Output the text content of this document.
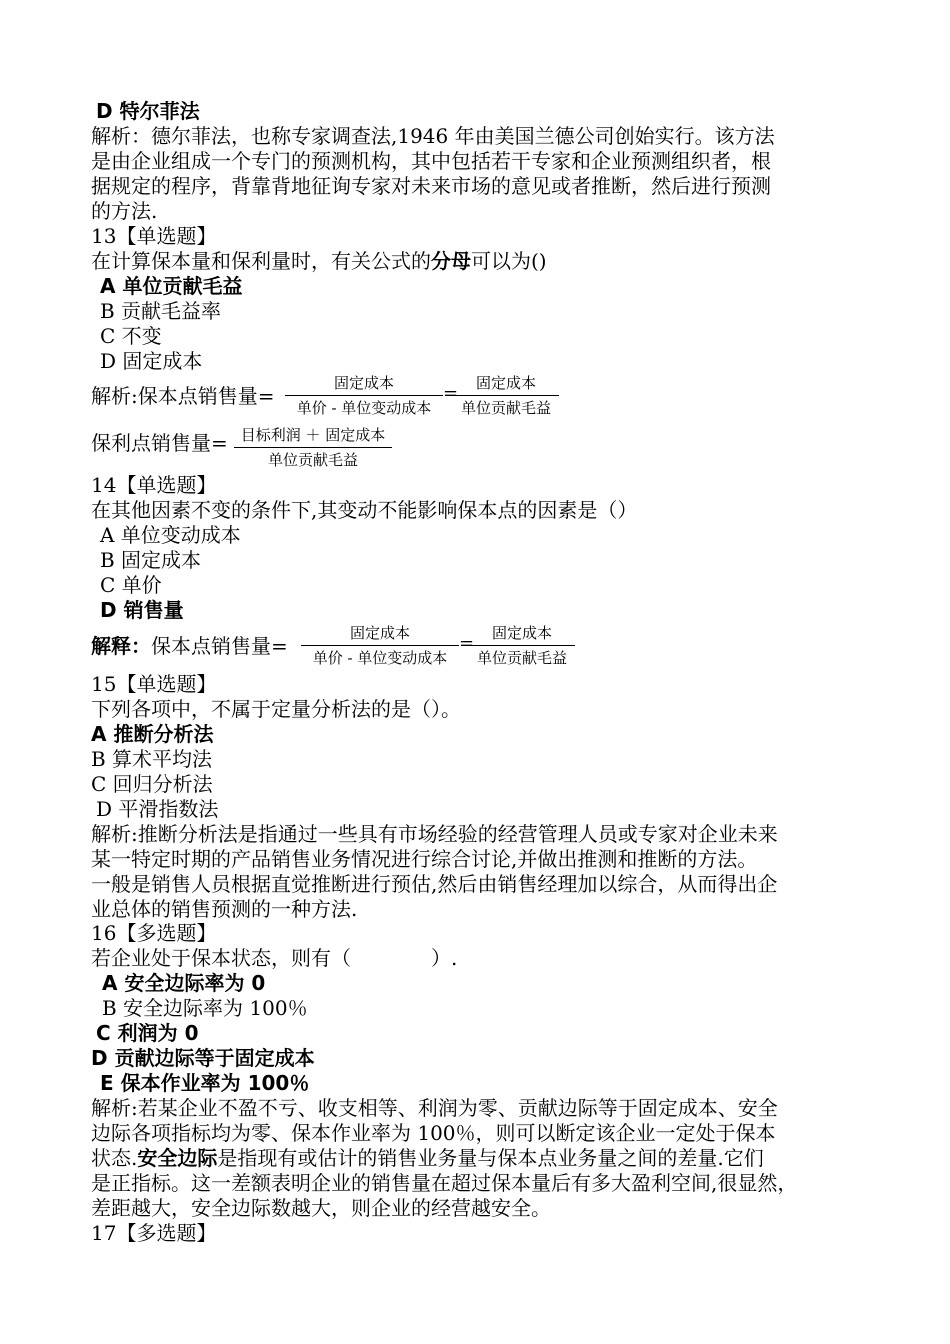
D 特尔菲法
解析：德尔菲法，也称专家调查法,1946 年由美国兰德公司创始实行。该方法
是由企业组成一个专门的预测机构，其中包括若干专家和企业预测组织者，根
据规定的程序，背靠背地征询专家对未来市场的意见或者推断，然后进行预测
的方法.
13【单选题】
在计算保本量和保利量时，有关公式的分母可以为()
A 单位贡献毛益
B 贡献毛益率
C 不变
D 固定成本
解析:保本点销售量=
固定成本
单价 - 单位变动成本
=	固定成本
单位贡献毛益
保利点销售量= 目标利润 ＋ 固定成本
单位贡献毛益
14【单选题】
在其他因素不变的条件下,其变动不能影响保本点的因素是（）
A 单位变动成本
B 固定成本
C 单价
D 销售量
解释：保本点销售量=
固定成本
单价 - 单位变动成本
=	固定成本
单位贡献毛益
15【单选题】
下列各项中，不属于定量分析法的是（）。
A 推断分析法
B 算术平均法
C 回归分析法
D 平滑指数法
解析:推断分析法是指通过一些具有市场经验的经营管理人员或专家对企业未来
某一特定时期的产品销售业务情况进行综合讨论,并做出推测和推断的方法。
一般是销售人员根据直觉推断进行预估,然后由销售经理加以综合，从而得出企
业总体的销售预测的一种方法.
16【多选题】
若企业处于保本状态，则有（　　　　）.
A 安全边际率为 0
B 安全边际率为 100％
C 利润为 0
D 贡献边际等于固定成本
E 保本作业率为 100％
解析:若某企业不盈不亏、收支相等、利润为零、贡献边际等于固定成本、安全
边际各项指标均为零、保本作业率为 100％，则可以断定该企业一定处于保本
状态.安全边际是指现有或估计的销售业务量与保本点业务量之间的差量.它们
是正指标。这一差额表明企业的销售量在超过保本量后有多大盈利空间,很显然，
差距越大，安全边际数越大，则企业的经营越安全。
17【多选题】
